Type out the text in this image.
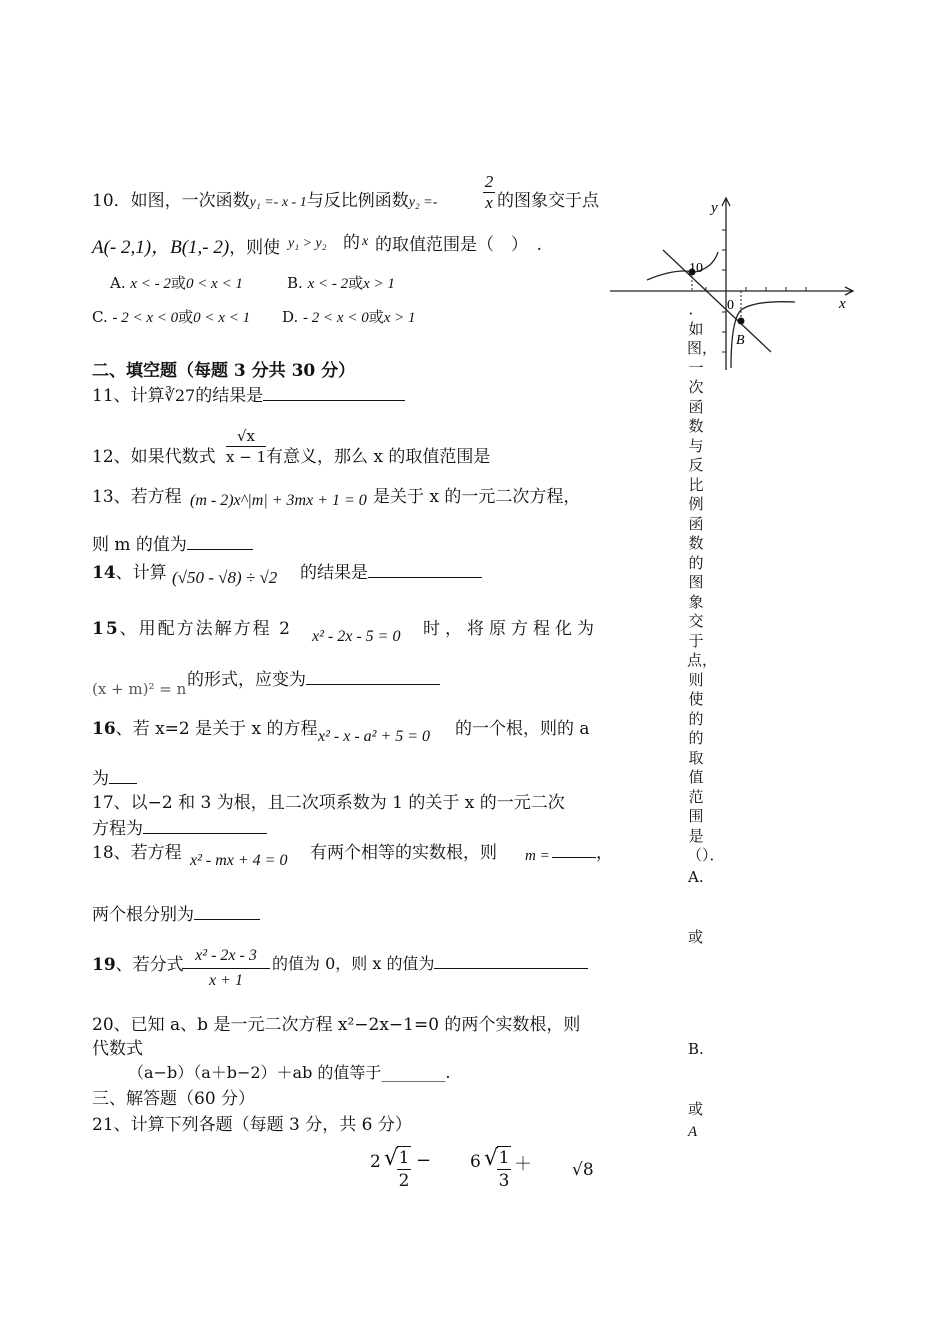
10．如图，一次函数y₁ =- x - 1与反比例函数y₂ =-	$\frac{2}{x}$ 的图象交于点
A(- 2,1)，B(1,- 2)，则使 y₁ > y₂ 的 x 的取值范围是（　）　.
A. x < - 2或0 < x < 1	B. x < - 2或x > 1
C. - 2 < x < 0或0 < x < 1 D. - 2 < x < 0或x > 1
二、填空题（每题 3 分共 30 分）
11、计算∛27的结果是
12、如果代数式 $\frac{√x}{x - 1}$ 有意义，那么 x 的取值范围是
13、若方程 (m - 2)x^|m| + 3mx + 1 = 0 是关于 x 的一元二次方程，
则 m 的值为
14、计算 (√50 - √8) ÷ √2 的结果是
15、用配方法解方程 2 x² - 2x - 5 = 0 时，将原方程化为
(x + m)² = n 的形式，应变为
16、若 x=2 是关于 x 的方程 x² - x - a² + 5 = 0 的一个根，则的 a
为
17、以−2 和 3 为根，且二次项系数为 1 的关于 x 的一元二次
方程为
18、若方程 x² - mx + 4 = 0 有两个相等的实数根，则 m =	，
两个根分别为
19、若分式
$\frac{\text{x² - 2x - 3}}{x + 1}$ 的值为 0，则 x 的值为
20、已知 a、b 是一元二次方程 x²−2x−1=0 的两个实数根，则
代数式
（a−b）（a＋b−2）＋ab 的值等于________.
三、解答题（60 分）
21、计算下列各题（每题 3 分，共 6 分）
2 √
$\frac{1}{2} - 6$ √
$\frac{1}{3} + √8$
y
x
0
10
B
．如图，一次函数与反比例函数的图象交于点，则使的的取值范围是（）．
A.
或
B.
或
A
